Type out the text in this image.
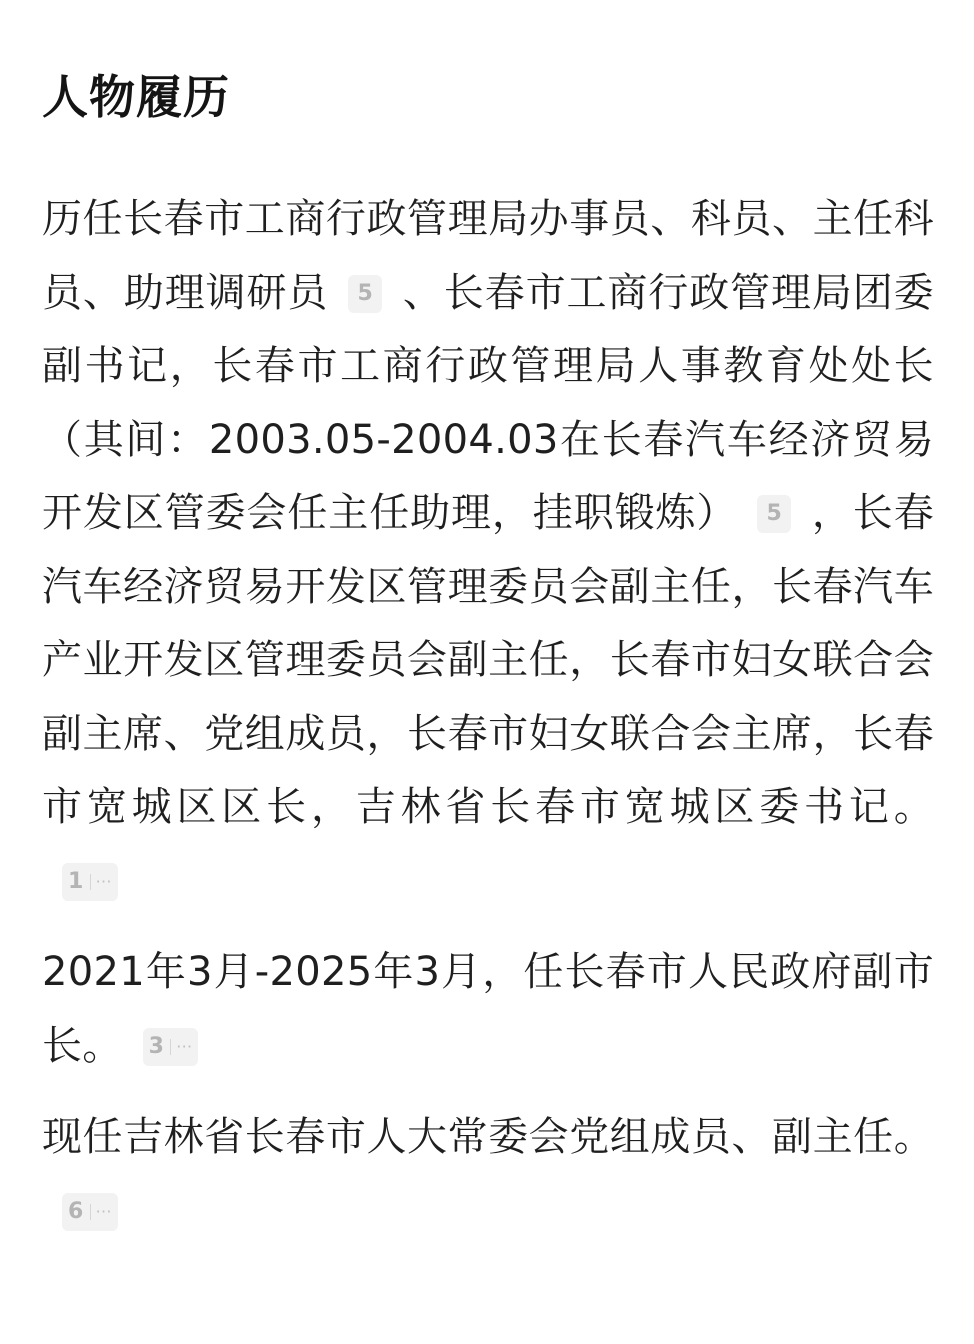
人物履历

历任长春市工商行政管理局办事员、科员、主任科员、助理调研员 5 、长春市工商行政管理局团委副书记，长春市工商行政管理局人事教育处处长（其间：2003.05-2004.03在长春汽车经济贸易开发区管委会任主任助理，挂职锻炼） 5 ，长春汽车经济贸易开发区管理委员会副主任，长春汽车产业开发区管理委员会副主任，长春市妇女联合会副主席、党组成员，长春市妇女联合会主席，长春市宽城区区长，吉林省长春市宽城区委书记。
1 ···

2021年3月-2025年3月，任长春市人民政府副市长。 3 ···

现任吉林省长春市人大常委会党组成员、副主任。
6 ···
